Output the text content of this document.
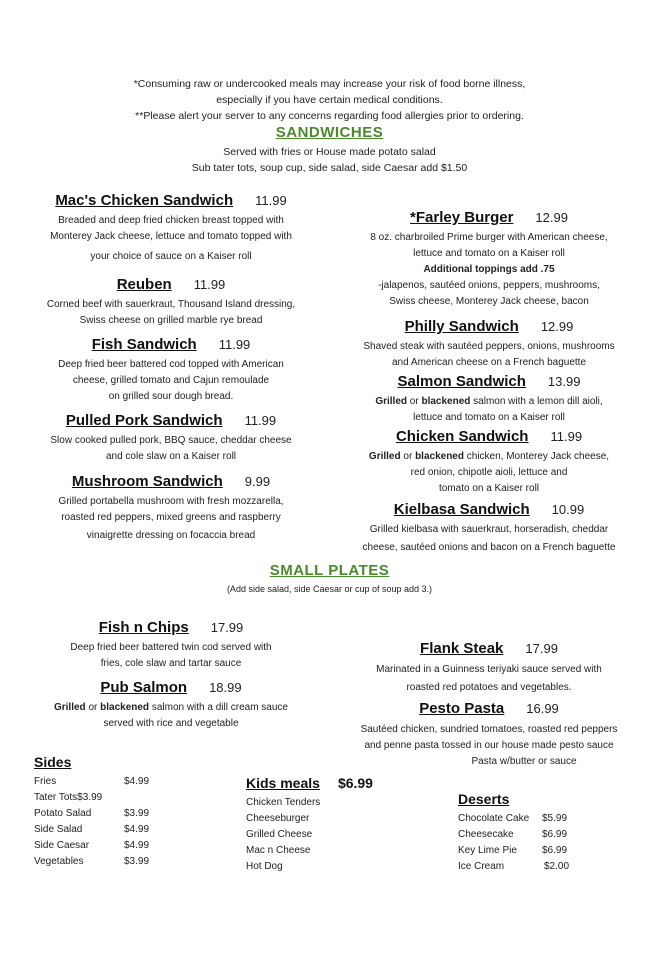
*Consuming raw or undercooked meals may increase your risk of food borne illness,
especially if you have certain medical conditions.
**Please alert your server to any concerns regarding food allergies prior to ordering.
SANDWICHES
Served with fries or House made potato salad
Sub tater tots, soup cup, side salad, side Caesar add $1.50
Mac's Chicken Sandwich 11.99
Breaded and deep fried chicken breast topped with
Monterey Jack cheese, lettuce and tomato topped with
your choice of sauce on a Kaiser roll
Reuben 11.99
Corned beef with sauerkraut, Thousand Island dressing,
Swiss cheese on grilled marble rye bread
Fish Sandwich 11.99
Deep fried beer battered cod topped with American
cheese, grilled tomato and Cajun remoulade
on grilled sour dough bread.
Pulled Pork Sandwich 11.99
Slow cooked pulled pork, BBQ sauce, cheddar cheese
and cole slaw on a Kaiser roll
Mushroom Sandwich 9.99
Grilled portabella mushroom with fresh mozzarella,
roasted red peppers, mixed greens and raspberry
vinaigrette dressing on focaccia bread
*Farley Burger 12.99
8 oz. charbroiled Prime burger with American cheese,
lettuce and tomato on a Kaiser roll
Additional toppings add .75
-jalapenos, sautéed onions, peppers, mushrooms,
Swiss cheese, Monterey Jack cheese, bacon
Philly Sandwich 12.99
Shaved steak with sautéed peppers, onions, mushrooms
and American cheese on a French baguette
Salmon Sandwich 13.99
Grilled or blackened salmon with a lemon dill aioli,
lettuce and tomato on a Kaiser roll
Chicken Sandwich 11.99
Grilled or blackened chicken, Monterey Jack cheese,
red onion, chipotle aioli, lettuce and
tomato on a Kaiser roll
Kielbasa Sandwich 10.99
Grilled kielbasa with sauerkraut, horseradish, cheddar
cheese, sautéed onions and bacon on a French baguette
SMALL PLATES
(Add side salad, side Caesar or cup of soup add 3.)
Fish n Chips 17.99
Deep fried beer battered twin cod served with
fries, cole slaw and tartar sauce
Pub Salmon 18.99
Grilled or blackened salmon with a dill cream sauce
served with rice and vegetable
Flank Steak 17.99
Marinated in a Guinness teriyaki sauce served with
roasted red potatoes and vegetables.
Pesto Pasta 16.99
Sautéed chicken, sundried tomatoes, roasted red peppers
and penne pasta tossed in our house made pesto sauce
Pasta w/butter or sauce
Sides
Fries	$4.99
Tater Tots$3.99
Potato Salad	$3.99
Side Salad	$4.99
Side Caesar	$4.99
Vegetables	$3.99
Kids meals $6.99
Chicken Tenders
Cheeseburger
Grilled Cheese
Mac n Cheese
Hot Dog
Deserts
Chocolate Cake	$5.99
Cheesecake	$6.99
Key Lime Pie	$6.99
Ice Cream	$2.00
